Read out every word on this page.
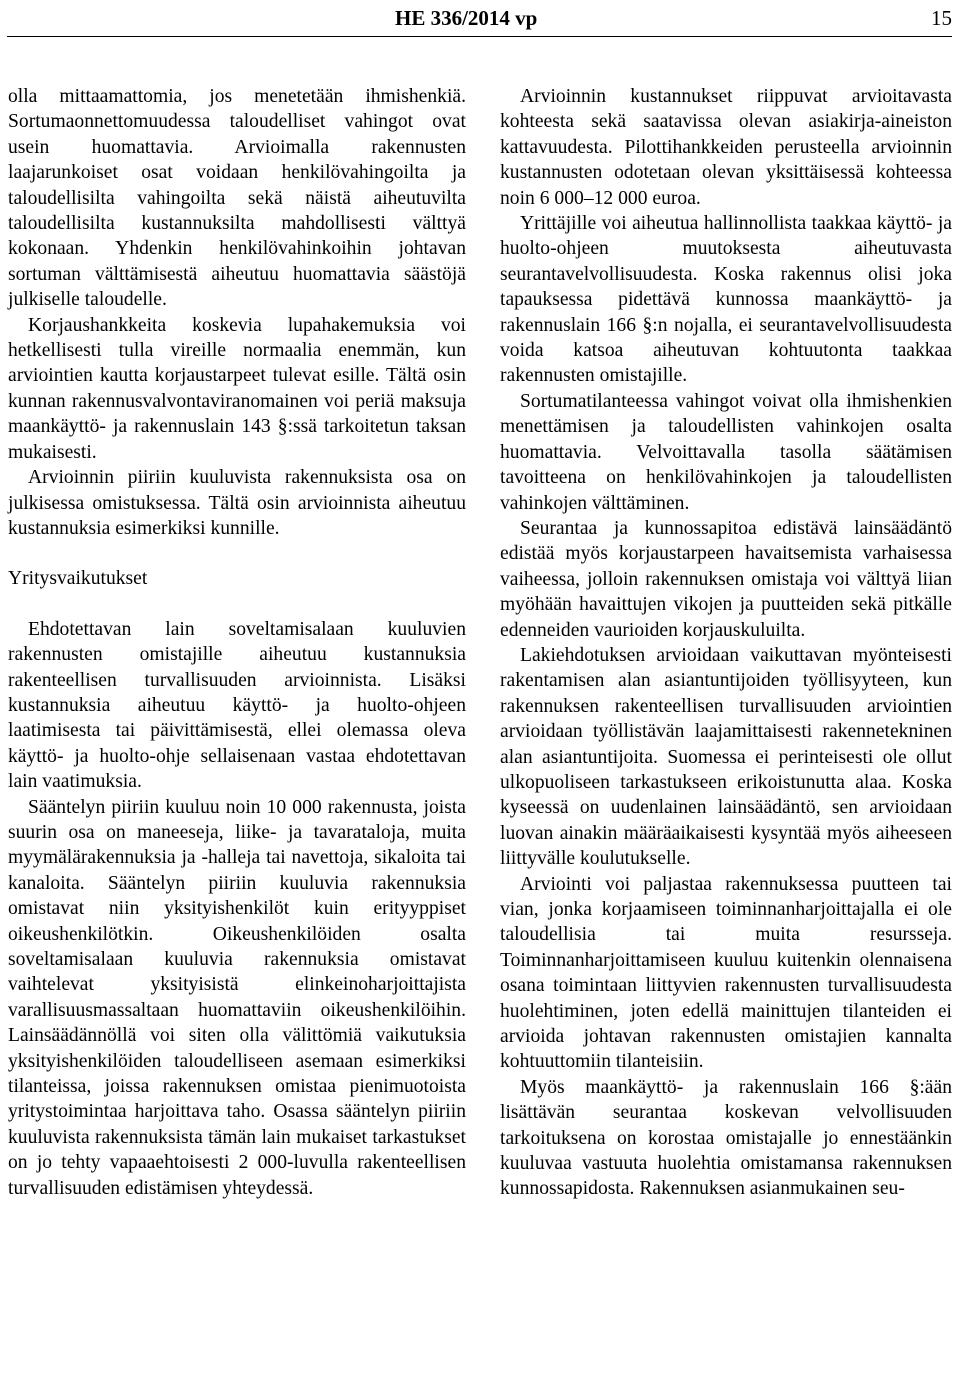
HE 336/2014 vp	15

olla mittaamattomia, jos menetetään ihmishenkiä. Sortumaonnettomuudessa taloudelliset vahingot ovat usein huomattavia. Arvioimalla rakennusten laajarunkoiset osat voidaan henkilövahingoilta ja taloudellisilta vahingoilta sekä näistä aiheutuvilta taloudellisilta kustannuksilta mahdollisesti välttyä kokonaan. Yhdenkin henkilövahinkoihin johtavan sortuman välttämisestä aiheutuu huomattavia säästöjä julkiselle taloudelle.

Korjaushankkeita koskevia lupahakemuksia voi hetkellisesti tulla vireille normaalia enemmän, kun arviointien kautta korjaustarpeet tulevat esille. Tältä osin kunnan rakennusvalvontaviranomainen voi periä maksuja maankäyttö- ja rakennuslain 143 §:ssä tarkoitetun taksan mukaisesti.

Arvioinnin piiriin kuuluvista rakennuksista osa on julkisessa omistuksessa. Tältä osin arvioinnista aiheutuu kustannuksia esimerkiksi kunnille.

Yritysvaikutukset

Ehdotettavan lain soveltamisalaan kuuluvien rakennusten omistajille aiheutuu kustannuksia rakenteellisen turvallisuuden arvioinnista. Lisäksi kustannuksia aiheutuu käyttö- ja huolto-ohjeen laatimisesta tai päivittämisestä, ellei olemassa oleva käyttö- ja huolto-ohje sellaisenaan vastaa ehdotettavan lain vaatimuksia.

Sääntelyn piiriin kuuluu noin 10 000 rakennusta, joista suurin osa on maneeseja, liike- ja tavarataloja, muita myymälärakennuksia ja -halleja tai navettoja, sikaloita tai kanaloita. Sääntelyn piiriin kuuluvia rakennuksia omistavat niin yksityishenkilöt kuin erityyppiset oikeushenkilötkin. Oikeushenkilöiden osalta soveltamisalaan kuuluvia rakennuksia omistavat vaihtelevat yksityisistä elinkeinoharjoittajista varallisuusmassaltaan huomattaviin oikeushenkilöihin. Lainsäädännöllä voi siten olla välittömiä vaikutuksia yksityishenkilöiden taloudelliseen asemaan esimerkiksi tilanteissa, joissa rakennuksen omistaa pienimuotoista yritystoimintaa harjoittava taho. Osassa sääntelyn piiriin kuuluvista rakennuksista tämän lain mukaiset tarkastukset on jo tehty vapaaehtoisesti 2 000-luvulla rakenteellisen turvallisuuden edistämisen yhteydessä.

Arvioinnin kustannukset riippuvat arvioitavasta kohteesta sekä saatavissa olevan asiakirja-aineiston kattavuudesta. Pilottihankkeiden perusteella arvioinnin kustannusten odotetaan olevan yksittäisessä kohteessa noin 6 000–12 000 euroa.

Yrittäjille voi aiheutua hallinnollista taakkaa käyttö- ja huolto-ohjeen muutoksesta aiheutuvasta seurantavelvollisuudesta. Koska rakennus olisi joka tapauksessa pidettävä kunnossa maankäyttö- ja rakennuslain 166 §:n nojalla, ei seurantavelvollisuudesta voida katsoa aiheutuvan kohtuutonta taakkaa rakennusten omistajille.

Sortumatilanteessa vahingot voivat olla ihmishenkien menettämisen ja taloudellisten vahinkojen osalta huomattavia. Velvoittavalla tasolla säätämisen tavoitteena on henkilövahinkojen ja taloudellisten vahinkojen välttäminen.

Seurantaa ja kunnossapitoa edistävä lainsäädäntö edistää myös korjaustarpeen havaitsemista varhaisessa vaiheessa, jolloin rakennuksen omistaja voi välttyä liian myöhään havaittujen vikojen ja puutteiden sekä pitkälle edenneiden vaurioiden korjauskuluilta.

Lakiehdotuksen arvioidaan vaikuttavan myönteisesti rakentamisen alan asiantuntijoiden työllisyyteen, kun rakennuksen rakenteellisen turvallisuuden arviointien arvioidaan työllistävän laajamittaisesti rakennetekninen alan asiantuntijoita. Suomessa ei perinteisesti ole ollut ulkopuoliseen tarkastukseen erikoistunutta alaa. Koska kyseessä on uudenlainen lainsäädäntö, sen arvioidaan luovan ainakin määräaikaisesti kysyntää myös aiheeseen liittyvälle koulutukselle.

Arviointi voi paljastaa rakennuksessa puutteen tai vian, jonka korjaamiseen toiminnanharjoittajalla ei ole taloudellisia tai muita resursseja. Toiminnanharjoittamiseen kuuluu kuitenkin olennaisena osana toimintaan liittyvien rakennusten turvallisuudesta huolehtiminen, joten edellä mainittujen tilanteiden ei arvioida johtavan rakennusten omistajien kannalta kohtuuttomiin tilanteisiin.

Myös maankäyttö- ja rakennuslain 166 §:ään lisättävän seurantaa koskevan velvollisuuden tarkoituksena on korostaa omistajalle jo ennestäänkin kuuluvaa vastuuta huolehtia omistamansa rakennuksen kunnossapidosta. Rakennuksen asianmukainen seu-
